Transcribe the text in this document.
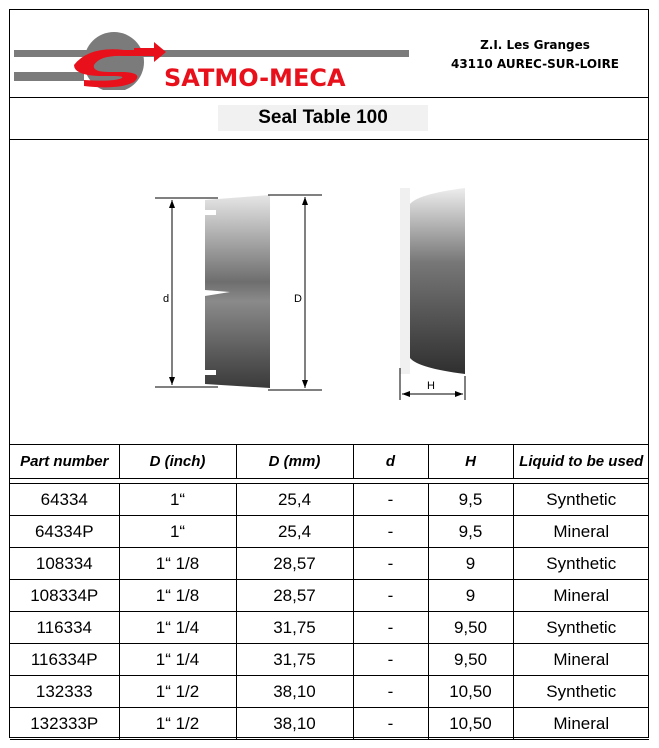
SATMO-MECA
Z.I. Les Granges
43110 AUREC-SUR-LOIRE
Seal Table 100
d	D
H
Part number	D (inch)	D (mm)	d	H	Liquid to be used

64334	1“	25,4	-	9,5	Synthetic
64334P	1“	25,4	-	9,5	Mineral
108334	1“ 1/8	28,57	-	9	Synthetic
108334P	1“ 1/8	28,57	-	9	Mineral
116334	1“ 1/4	31,75	-	9,50	Synthetic
116334P	1“ 1/4	31,75	-	9,50	Mineral
132333	1“ 1/2	38,10	-	10,50	Synthetic
132333P	1“ 1/2	38,10	-	10,50	Mineral
